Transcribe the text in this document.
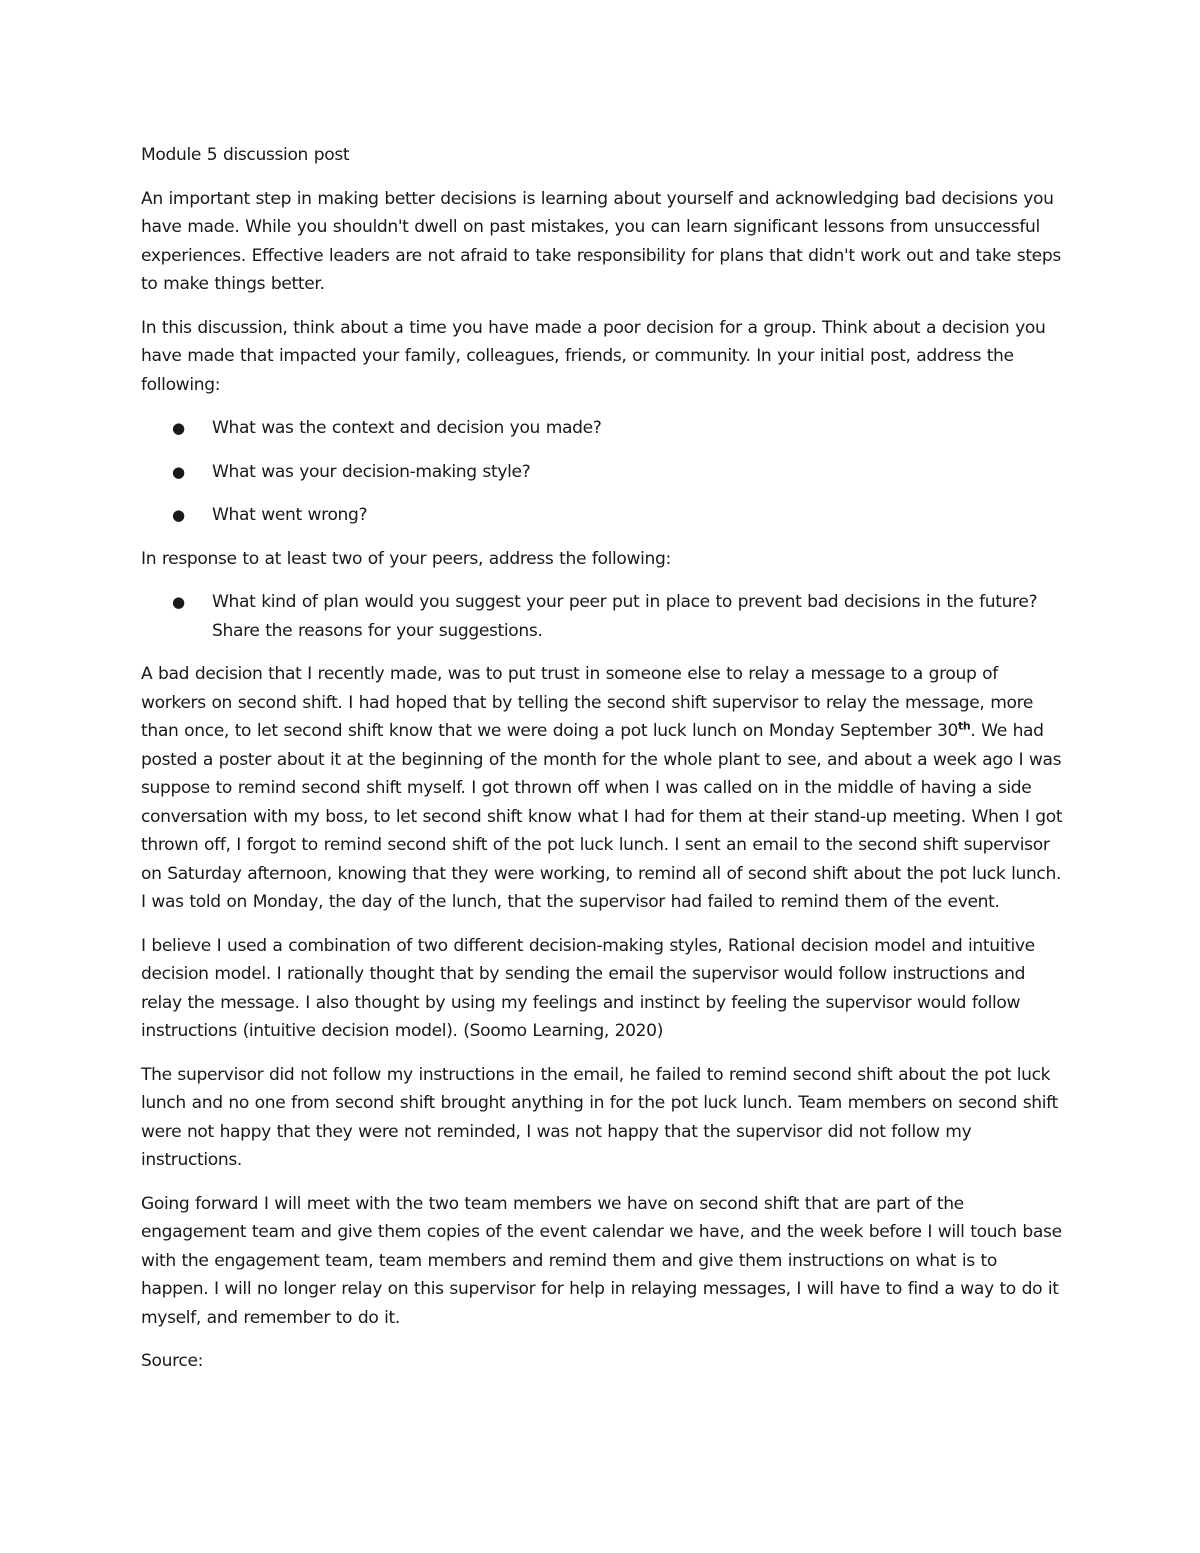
Module 5 discussion post

An important step in making better decisions is learning about yourself and acknowledging bad decisions you have made. While you shouldn't dwell on past mistakes, you can learn significant lessons from unsuccessful experiences. Effective leaders are not afraid to take responsibility for plans that didn't work out and take steps to make things better.

In this discussion, think about a time you have made a poor decision for a group. Think about a decision you have made that impacted your family, colleagues, friends, or community. In your initial post, address the following:

● What was the context and decision you made?
● What was your decision-making style?
● What went wrong?

In response to at least two of your peers, address the following:

● What kind of plan would you suggest your peer put in place to prevent bad decisions in the future? Share the reasons for your suggestions.

A bad decision that I recently made, was to put trust in someone else to relay a message to a group of workers on second shift. I had hoped that by telling the second shift supervisor to relay the message, more than once, to let second shift know that we were doing a pot luck lunch on Monday September 30th. We had posted a poster about it at the beginning of the month for the whole plant to see, and about a week ago I was suppose to remind second shift myself. I got thrown off when I was called on in the middle of having a side conversation with my boss, to let second shift know what I had for them at their stand-up meeting. When I got thrown off, I forgot to remind second shift of the pot luck lunch. I sent an email to the second shift supervisor on Saturday afternoon, knowing that they were working, to remind all of second shift about the pot luck lunch. I was told on Monday, the day of the lunch, that the supervisor had failed to remind them of the event.

I believe I used a combination of two different decision-making styles, Rational decision model and intuitive decision model. I rationally thought that by sending the email the supervisor would follow instructions and relay the message. I also thought by using my feelings and instinct by feeling the supervisor would follow instructions (intuitive decision model). (Soomo Learning, 2020)

The supervisor did not follow my instructions in the email, he failed to remind second shift about the pot luck lunch and no one from second shift brought anything in for the pot luck lunch. Team members on second shift were not happy that they were not reminded, I was not happy that the supervisor did not follow my instructions.

Going forward I will meet with the two team members we have on second shift that are part of the engagement team and give them copies of the event calendar we have, and the week before I will touch base with the engagement team, team members and remind them and give them instructions on what is to happen. I will no longer relay on this supervisor for help in relaying messages, I will have to find a way to do it myself, and remember to do it.

Source:
